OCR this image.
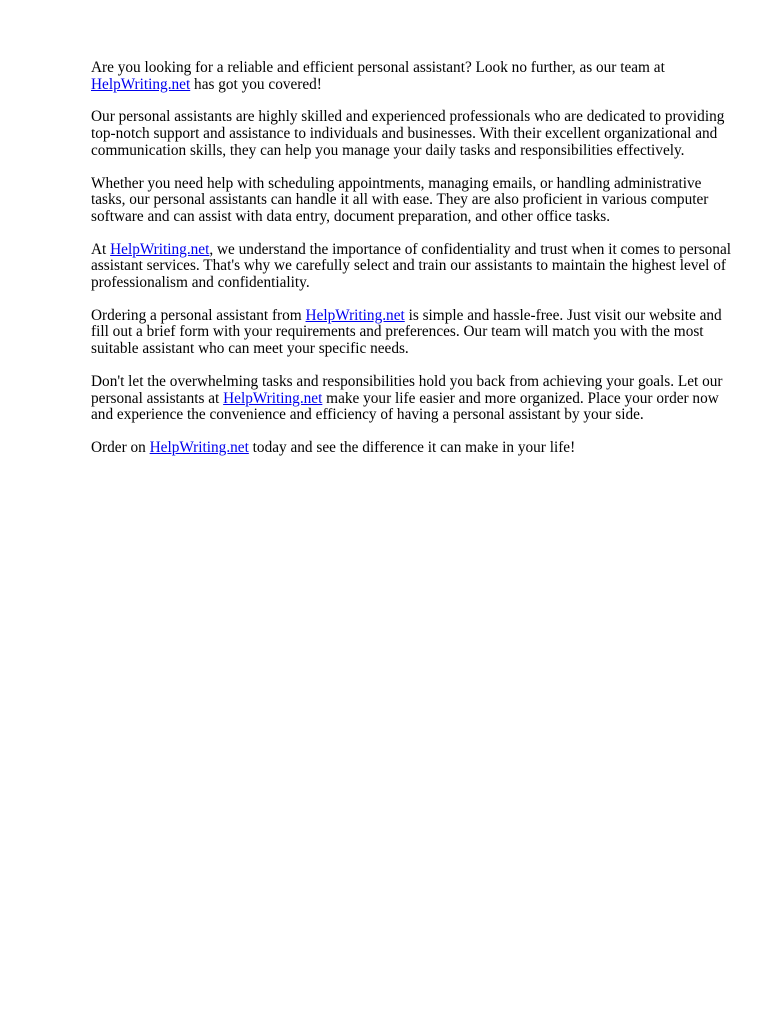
Are you looking for a reliable and efficient personal assistant? Look no further, as our team at HelpWriting.net has got you covered!

Our personal assistants are highly skilled and experienced professionals who are dedicated to providing top-notch support and assistance to individuals and businesses. With their excellent organizational and communication skills, they can help you manage your daily tasks and responsibilities effectively.

Whether you need help with scheduling appointments, managing emails, or handling administrative tasks, our personal assistants can handle it all with ease. They are also proficient in various computer software and can assist with data entry, document preparation, and other office tasks.

At HelpWriting.net, we understand the importance of confidentiality and trust when it comes to personal assistant services. That's why we carefully select and train our assistants to maintain the highest level of professionalism and confidentiality.

Ordering a personal assistant from HelpWriting.net is simple and hassle-free. Just visit our website and fill out a brief form with your requirements and preferences. Our team will match you with the most suitable assistant who can meet your specific needs.

Don't let the overwhelming tasks and responsibilities hold you back from achieving your goals. Let our personal assistants at HelpWriting.net make your life easier and more organized. Place your order now and experience the convenience and efficiency of having a personal assistant by your side.

Order on HelpWriting.net today and see the difference it can make in your life!
